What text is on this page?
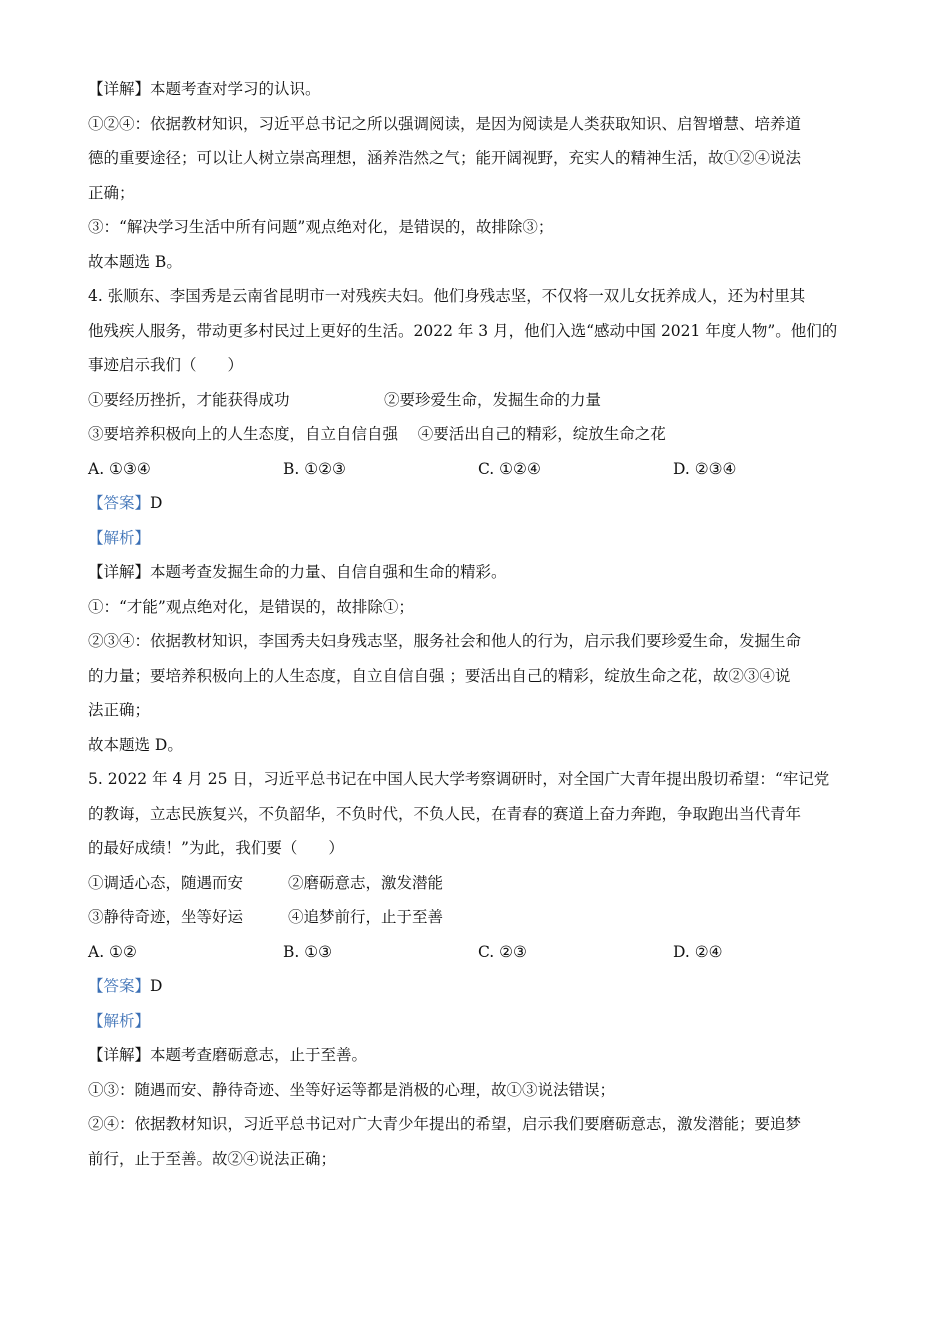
【详解】本题考查对学习的认识。
①②④：依据教材知识，习近平总书记之所以强调阅读，是因为阅读是人类获取知识、启智增慧、培养道
德的重要途径；可以让人树立崇高理想，涵养浩然之气；能开阔视野，充实人的精神生活，故①②④说法
正确；
③：“解决学习生活中所有问题”观点绝对化，是错误的，故排除③；
故本题选 B。
4. 张顺东、李国秀是云南省昆明市一对残疾夫妇。他们身残志坚，不仅将一双儿女抚养成人，还为村里其
他残疾人服务，带动更多村民过上更好的生活。2022 年 3 月，他们入选“感动中国 2021 年度人物”。他们的
事迹启示我们（　　）
①要经历挫折，才能获得成功	②要珍爱生命，发掘生命的力量
③要培养积极向上的人生态度，自立自信自强 ④要活出自己的精彩，绽放生命之花
A. ①③④	B. ①②③	C. ①②④	D. ②③④
【答案】D
【解析】
【详解】本题考查发掘生命的力量、自信自强和生命的精彩。
①：“才能”观点绝对化，是错误的，故排除①；
②③④：依据教材知识，李国秀夫妇身残志坚，服务社会和他人的行为，启示我们要珍爱生命，发掘生命
的力量；要培养积极向上的人生态度，自立自信自强 ；要活出自己的精彩，绽放生命之花，故②③④说
法正确；
故本题选 D。
5. 2022 年 4 月 25 日，习近平总书记在中国人民大学考察调研时，对全国广大青年提出殷切希望：“牢记党
的教诲，立志民族复兴，不负韶华，不负时代，不负人民，在青春的赛道上奋力奔跑，争取跑出当代青年
的最好成绩！”为此，我们要（　　）
①调适心态，随遇而安	②磨砺意志，激发潜能
③静待奇迹，坐等好运	④追梦前行，止于至善
A. ①②	B. ①③	C. ②③	D. ②④
【答案】D
【解析】
【详解】本题考查磨砺意志，止于至善。
①③：随遇而安、静待奇迹、坐等好运等都是消极的心理，故①③说法错误；
②④：依据教材知识，习近平总书记对广大青少年提出的希望，启示我们要磨砺意志，激发潜能；要追梦
前行，止于至善。故②④说法正确；
